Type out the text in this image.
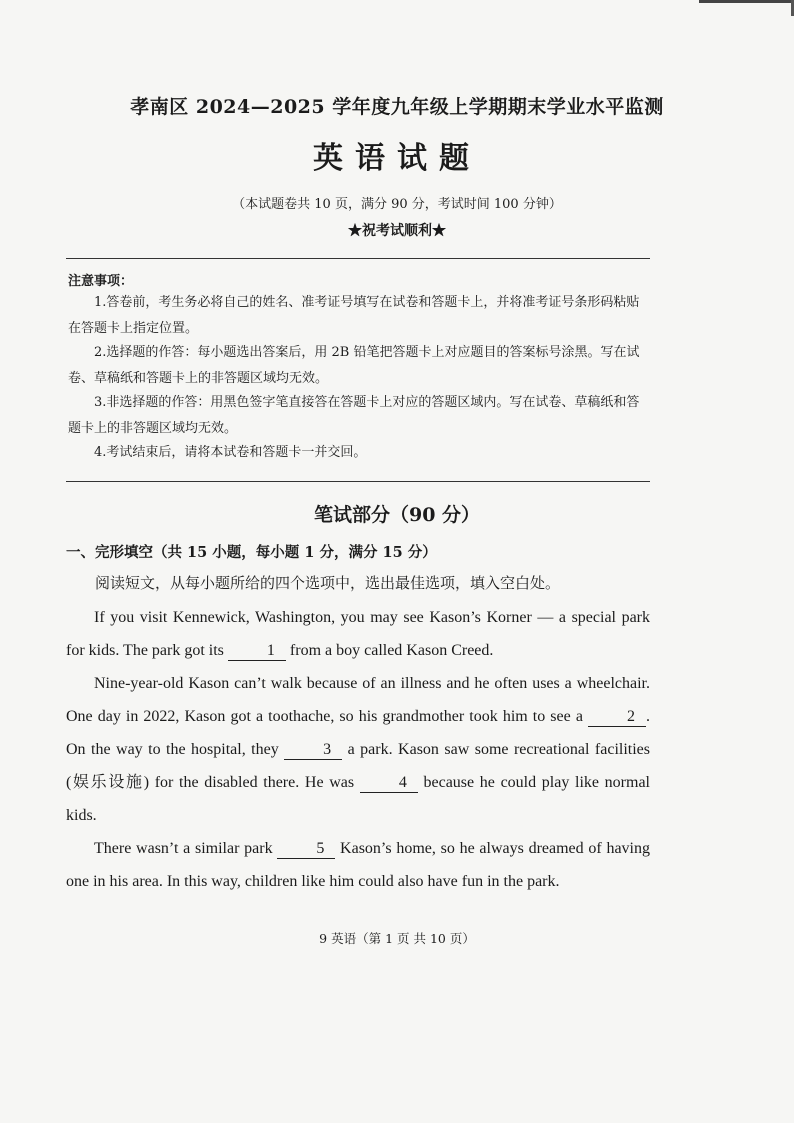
孝南区 2024—2025 学年度九年级上学期期末学业水平监测
英语试题
（本试题卷共 10 页，满分 90 分，考试时间 100 分钟）
★祝考试顺利★
注意事项：

1.答卷前，考生务必将自己的姓名、准考证号填写在试卷和答题卡上，并将准考证号条形码粘贴在答题卡上指定位置。

2.选择题的作答：每小题选出答案后，用 2B 铅笔把答题卡上对应题目的答案标号涂黑。写在试卷、草稿纸和答题卡上的非答题区域均无效。

3.非选择题的作答：用黑色签字笔直接答在答题卡上对应的答题区域内。写在试卷、草稿纸和答题卡上的非答题区域均无效。

4.考试结束后，请将本试卷和答题卡一并交回。

笔试部分（90 分）
一、完形填空（共 15 小题，每小题 1 分，满分 15 分）
阅读短文，从每小题所给的四个选项中，选出最佳选项，填入空白处。

If you visit Kennewick, Washington, you may see Kason’s Korner — a special park for kids. The park got its 1 from a boy called Kason Creed.

Nine-year-old Kason can’t walk because of an illness and he often uses a wheelchair. One day in 2022, Kason got a toothache, so his grandmother took him to see a 2 . On the way to the hospital, they 3 a park. Kason saw some recreational facilities (娱乐设施) for the disabled there. He was 4 because he could play like normal kids.

There wasn’t a similar park 5 Kason’s home, so he always dreamed of having one in his area. In this way, children like him could also have fun in the park.

9 英语（第 1 页 共 10 页）
